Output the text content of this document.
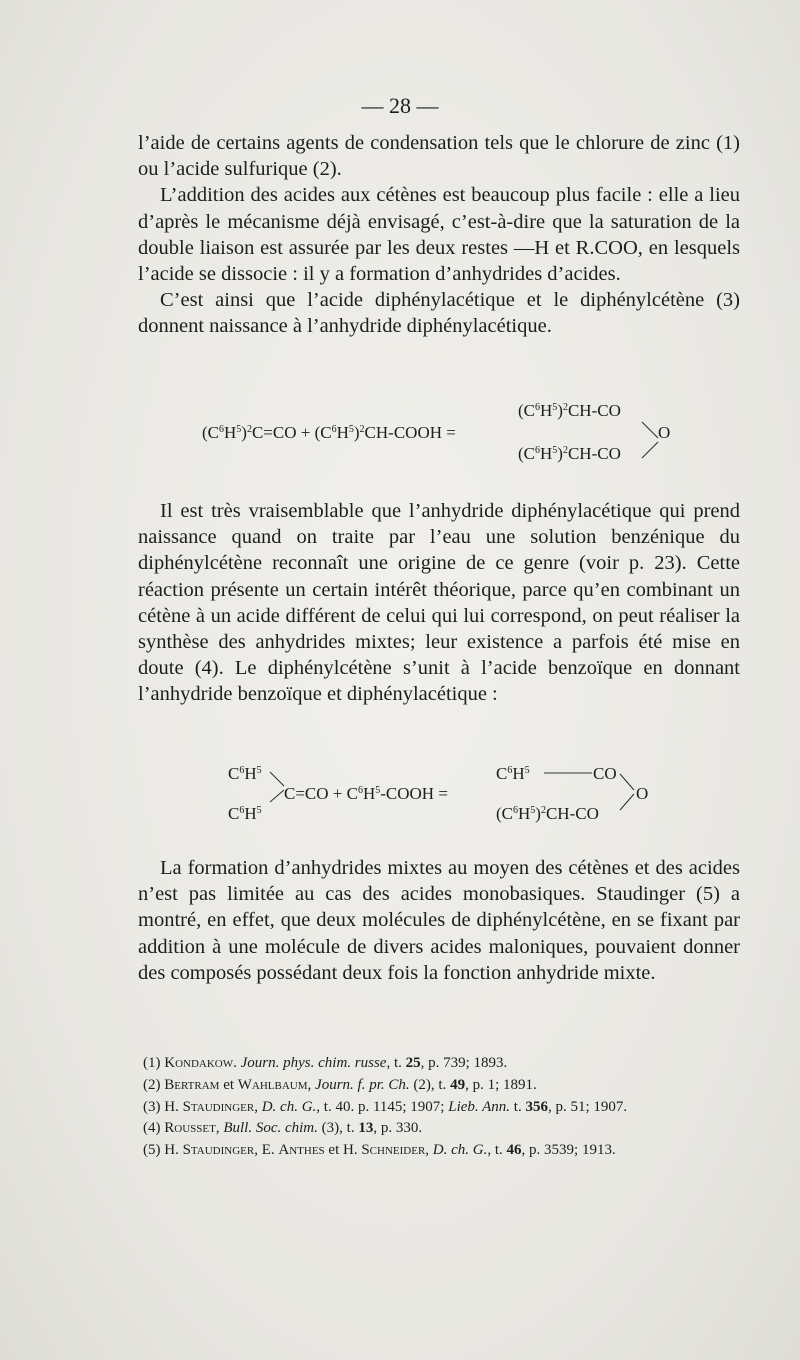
— 28 —

l’aide de certains agents de condensation tels que le chlorure de zinc (1) ou l’acide sulfurique (2).

L’addition des acides aux cétènes est beaucoup plus facile : elle a lieu d’après le mécanisme déjà envisagé, c’est-à-dire que la saturation de la double liaison est assurée par les deux restes —H et R.COO, en lesquels l’acide se dissocie : il y a formation d’anhydrides d’acides.

C’est ainsi que l’acide diphénylacétique et le diphénylcétène (3) donnent naissance à l’anhydride diphénylacétique.

$(C^6H^5)^2C=CO$ + $(C^6H^5)^2CH$-COOH =
$(C^6H^5)^2CH-CO$
$(C^6H^5)^2CH-CO$
O

Il est très vraisemblable que l’anhydride diphénylacétique qui prend naissance quand on traite par l’eau une solution benzénique du diphénylcétène reconnaît une origine de ce genre (voir p. 23). Cette réaction présente un certain intérêt théorique, parce qu’en combinant un cétène à un acide différent de celui qui lui correspond, on peut réaliser la synthèse des anhydrides mixtes; leur existence a parfois été mise en doute (4). Le diphénylcétène s’unit à l’acide benzoïque en donnant l’anhydride benzoïque et diphénylacétique :

$C^6H^5$
$C^6H^5$
$C=CO + C^6H^5$-COOH =
$C^6H^5$	CO
$(C^6H^5)^2CH-CO$
O

La formation d’anhydrides mixtes au moyen des cétènes et des acides n’est pas limitée au cas des acides monobasiques. Staudinger (5) a montré, en effet, que deux molécules de diphénylcétène, en se fixant par addition à une molécule de divers acides maloniques, pouvaient donner des composés possédant deux fois la fonction anhydride mixte.

(1) Kondakow. Journ. phys. chim. russe, t. 25, p. 739; 1893.

(2) Bertram et Wahlbaum, Journ. f. pr. Ch. (2), t. 49, p. 1; 1891.

(3) H. Staudinger, D. ch. G., t. 40. p. 1145; 1907; Lieb. Ann. t. 356, p. 51; 1907.

(4) Rousset, Bull. Soc. chim. (3), t. 13, p. 330.

(5) H. Staudinger, E. Anthes et H. Schneider, D. ch. G., t. 46, p. 3539; 1913.
